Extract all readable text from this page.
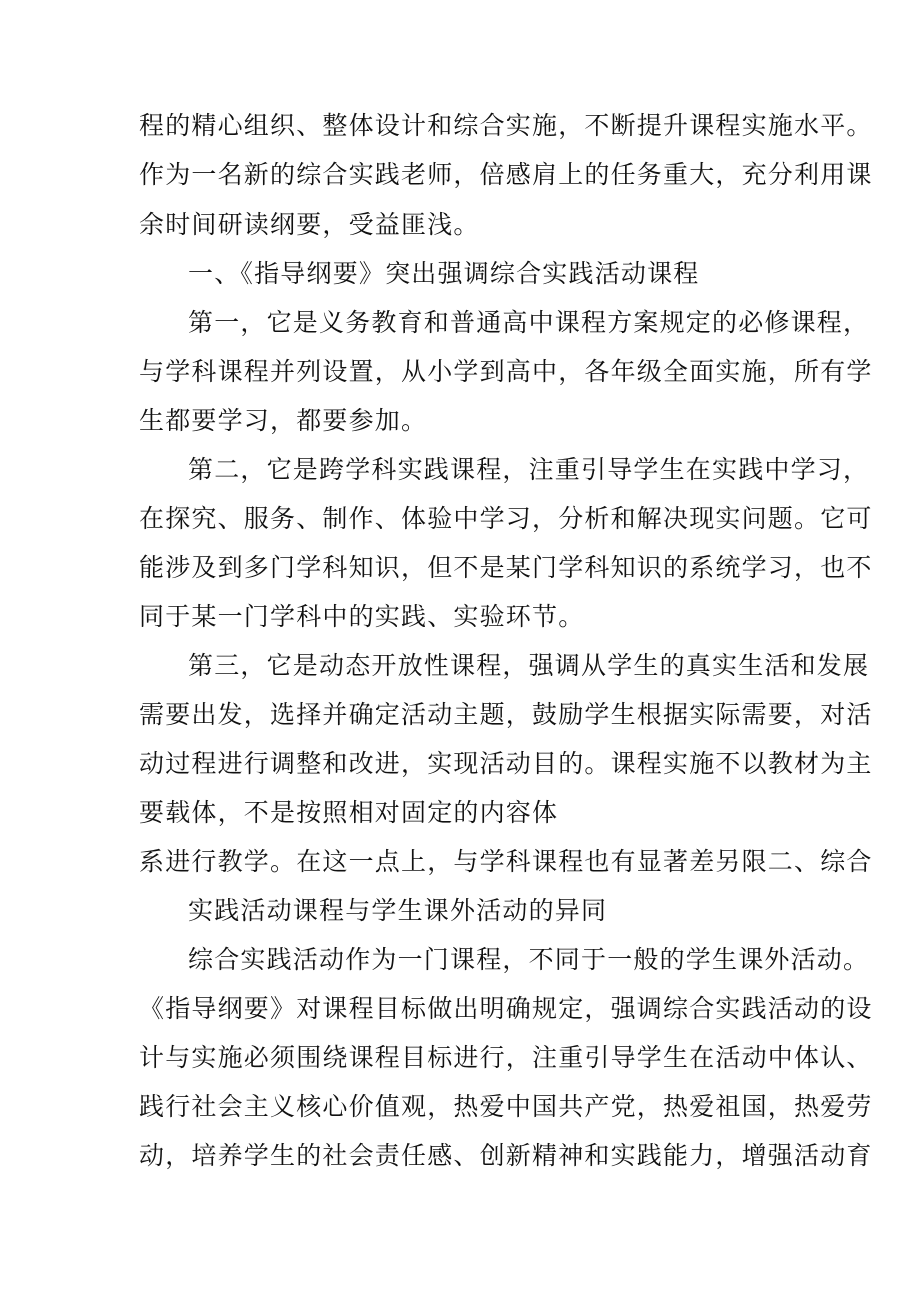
程的精心组织、整体设计和综合实施，不断提升课程实施水平。
作为一名新的综合实践老师，倍感肩上的任务重大，充分利用课
余时间研读纲要，受益匪浅。
一、《指导纲要》突出强调综合实践活动课程
第一，它是义务教育和普通高中课程方案规定的必修课程，
与学科课程并列设置，从小学到高中，各年级全面实施，所有学
生都要学习，都要参加。
第二，它是跨学科实践课程，注重引导学生在实践中学习，
在探究、服务、制作、体验中学习，分析和解决现实问题。它可
能涉及到多门学科知识，但不是某门学科知识的系统学习，也不
同于某一门学科中的实践、实验环节。
第三，它是动态开放性课程，强调从学生的真实生活和发展
需要出发，选择并确定活动主题，鼓励学生根据实际需要，对活
动过程进行调整和改进，实现活动目的。课程实施不以教材为主
要载体，不是按照相对固定的内容体
系进行教学。在这一点上，与学科课程也有显著差另限二、综合
实践活动课程与学生课外活动的异同
综合实践活动作为一门课程，不同于一般的学生课外活动。
《指导纲要》对课程目标做出明确规定，强调综合实践活动的设
计与实施必须围绕课程目标进行，注重引导学生在活动中体认、
践行社会主义核心价值观，热爱中国共产党，热爱祖国，热爱劳
动，培养学生的社会责任感、创新精神和实践能力，增强活动育
